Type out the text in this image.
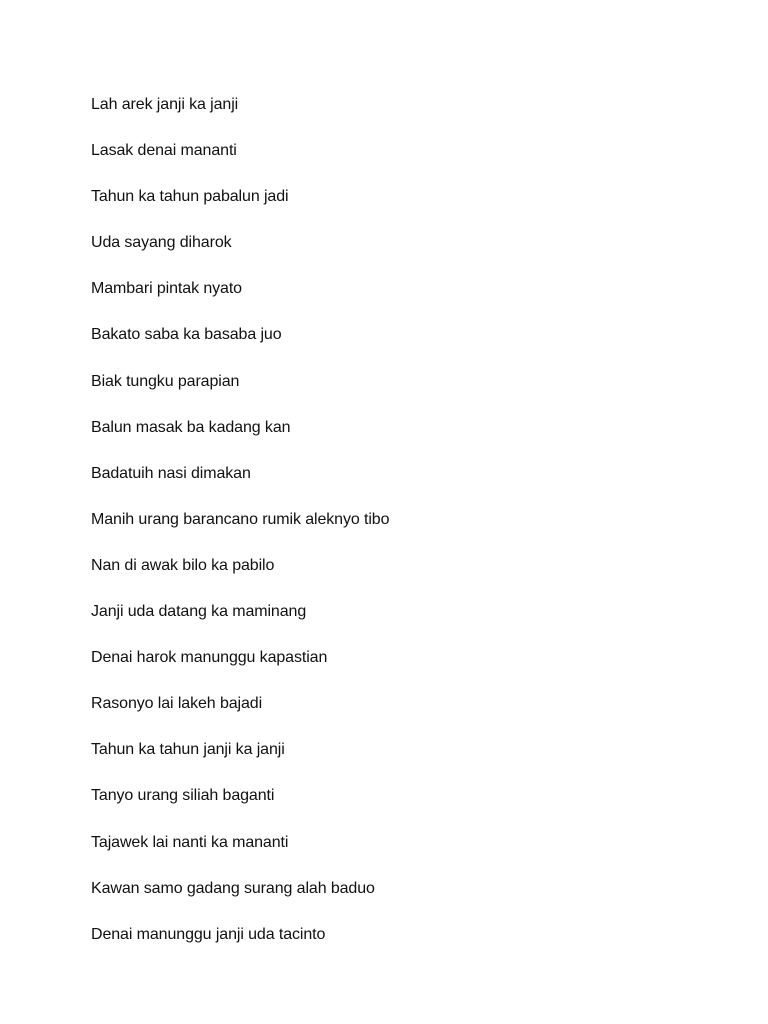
Lah arek janji ka janji
Lasak denai mananti
Tahun ka tahun pabalun jadi
Uda sayang diharok
Mambari pintak nyato
Bakato saba ka basaba juo
Biak tungku parapian
Balun masak ba kadang kan
Badatuih nasi dimakan
Manih urang barancano rumik aleknyo tibo
Nan di awak bilo ka pabilo
Janji uda datang ka maminang
Denai harok manunggu kapastian
Rasonyo lai lakeh bajadi
Tahun ka tahun janji ka janji
Tanyo urang siliah baganti
Tajawek lai nanti ka mananti
Kawan samo gadang surang alah baduo
Denai manunggu janji uda tacinto
